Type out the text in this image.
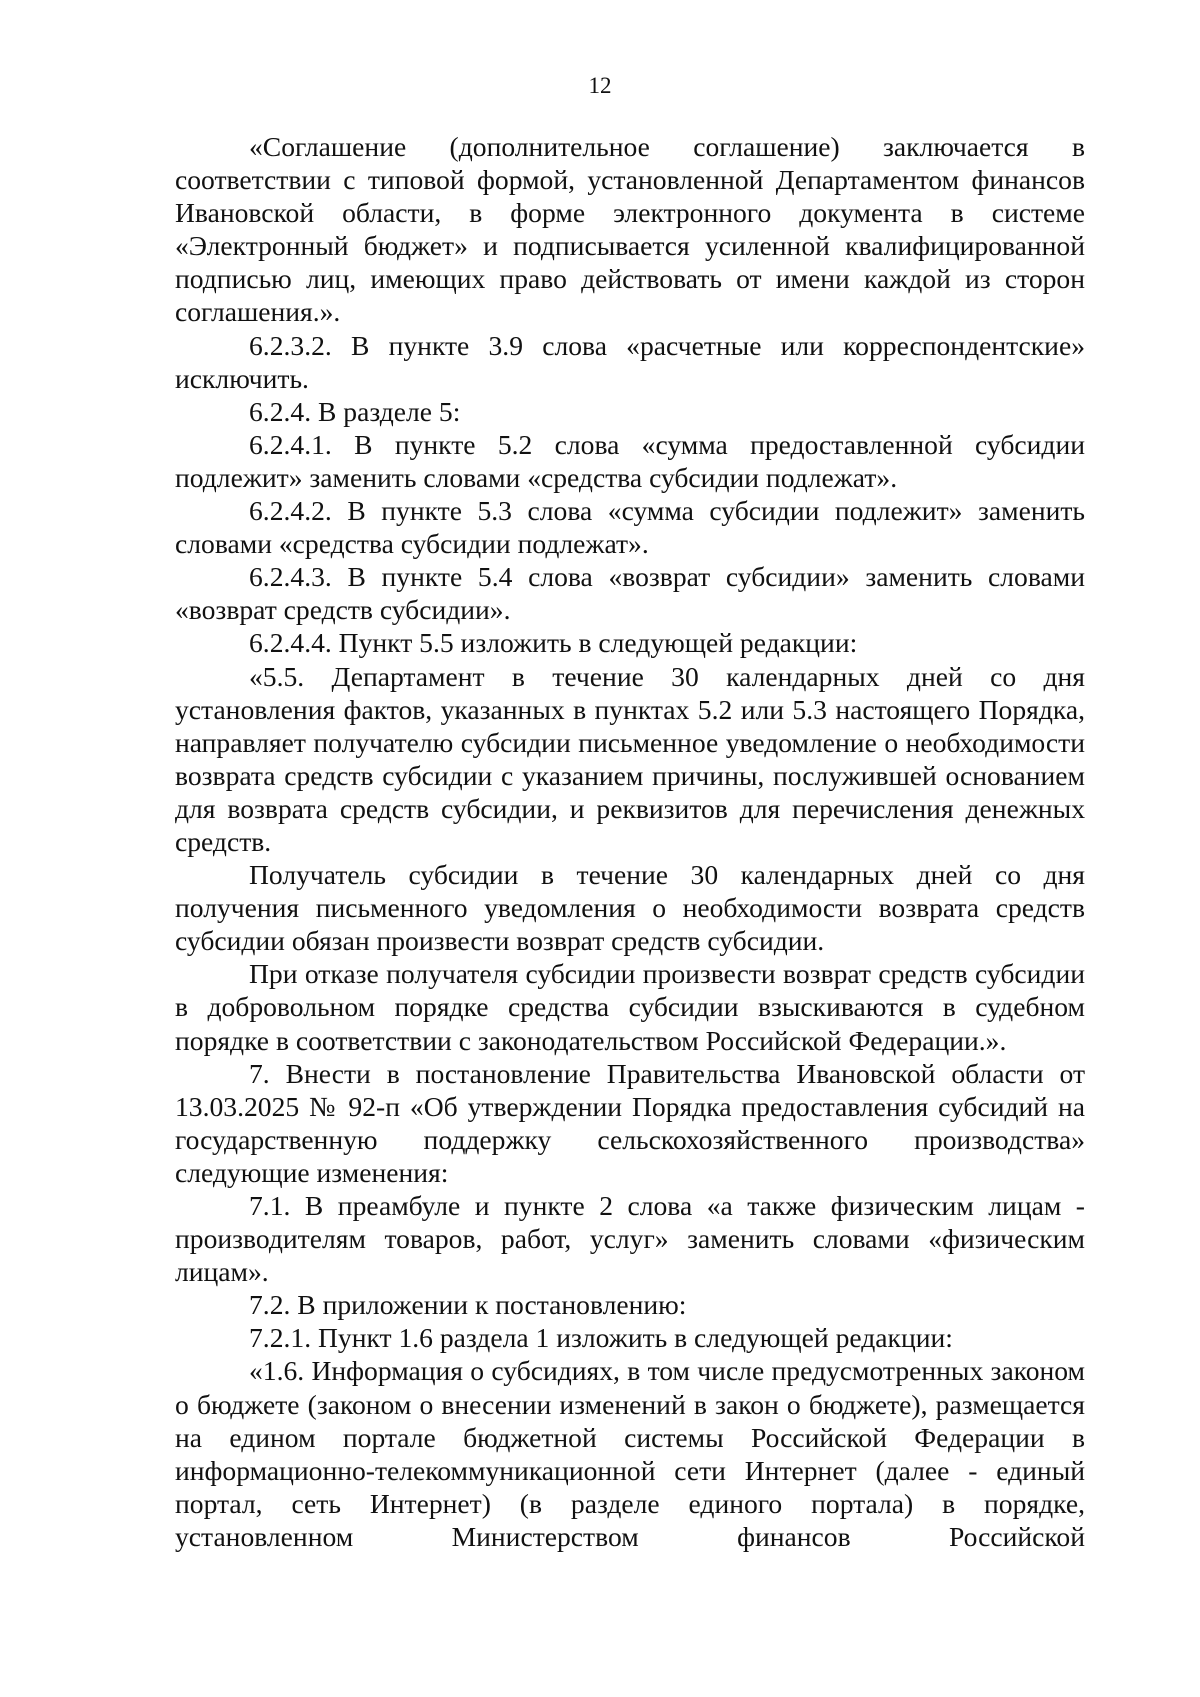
12

«Соглашение (дополнительное соглашение) заключается в соответствии с типовой формой, установленной Департаментом финансов Ивановской области, в форме электронного документа в системе «Электронный бюджет» и подписывается усиленной квалифицированной подписью лиц, имеющих право действовать от имени каждой из сторон соглашения.».

6.2.3.2. В пункте 3.9 слова «расчетные или корреспондентские» исключить.

6.2.4. В разделе 5:

6.2.4.1. В пункте 5.2 слова «сумма предоставленной субсидии подлежит» заменить словами «средства субсидии подлежат».

6.2.4.2. В пункте 5.3 слова «сумма субсидии подлежит» заменить словами «средства субсидии подлежат».

6.2.4.3. В пункте 5.4 слова «возврат субсидии» заменить словами «возврат средств субсидии».

6.2.4.4. Пункт 5.5 изложить в следующей редакции:

«5.5. Департамент в течение 30 календарных дней со дня установления фактов, указанных в пунктах 5.2 или 5.3 настоящего Порядка, направляет получателю субсидии письменное уведомление о необходимости возврата средств субсидии с указанием причины, послужившей основанием для возврата средств субсидии, и реквизитов для перечисления денежных средств.

Получатель субсидии в течение 30 календарных дней со дня получения письменного уведомления о необходимости возврата средств субсидии обязан произвести возврат средств субсидии.

При отказе получателя субсидии произвести возврат средств субсидии в добровольном порядке средства субсидии взыскиваются в судебном порядке в соответствии с законодательством Российской Федерации.».

7. Внести в постановление Правительства Ивановской области от 13.03.2025 № 92-п «Об утверждении Порядка предоставления субсидий на государственную поддержку сельскохозяйственного производства» следующие изменения:

7.1. В преамбуле и пункте 2 слова «а также физическим лицам - производителям товаров, работ, услуг» заменить словами «физическим лицам».

7.2. В приложении к постановлению:

7.2.1. Пункт 1.6 раздела 1 изложить в следующей редакции:

«1.6. Информация о субсидиях, в том числе предусмотренных законом о бюджете (законом о внесении изменений в закон о бюджете), размещается на едином портале бюджетной системы Российской Федерации в информационно-телекоммуникационной сети Интернет (далее - единый портал, сеть Интернет) (в разделе единого портала) в порядке, установленном Министерством финансов Российской
